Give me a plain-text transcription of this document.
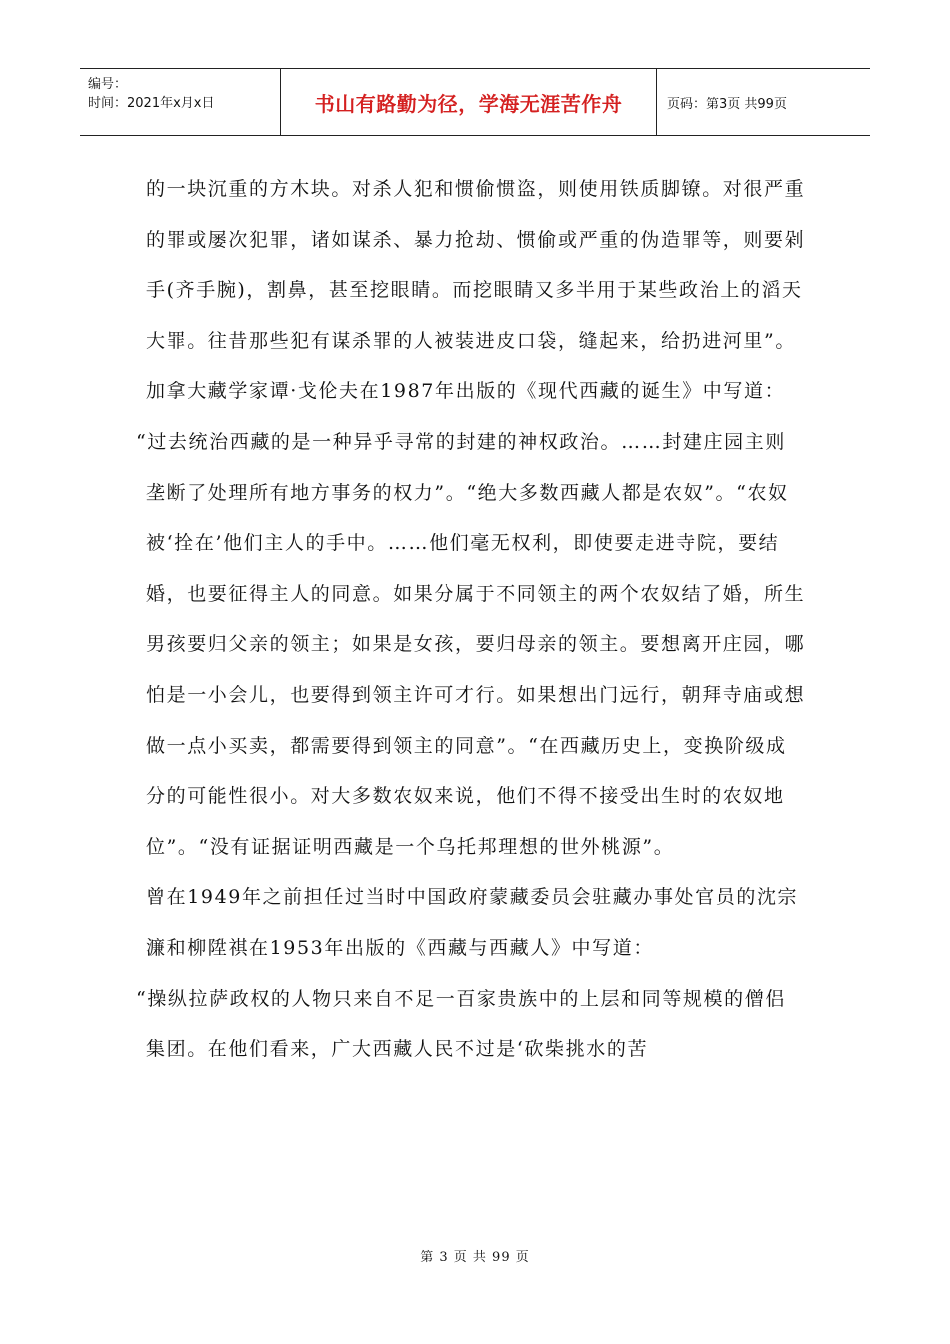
编号：
时间：2021年x月x日	书山有路勤为径，学海无涯苦作舟	页码：第3页 共99页

的一块沉重的方木块。对杀人犯和惯偷惯盗，则使用铁质脚镣。对很严重的罪或屡次犯罪，诸如谋杀、暴力抢劫、惯偷或严重的伪造罪等，则要剁手(齐手腕)，割鼻，甚至挖眼睛。而挖眼睛又多半用于某些政治上的滔天大罪。往昔那些犯有谋杀罪的人被装进皮口袋，缝起来，给扔进河里”。

加拿大藏学家谭·戈伦夫在1987年出版的《现代西藏的诞生》中写道：

“过去统治西藏的是一种异乎寻常的封建的神权政治。……封建庄园主则垄断了处理所有地方事务的权力”。“绝大多数西藏人都是农奴”。“农奴被‘拴在’他们主人的手中。……他们毫无权利，即使要走进寺院，要结婚，也要征得主人的同意。如果分属于不同领主的两个农奴结了婚，所生男孩要归父亲的领主；如果是女孩，要归母亲的领主。要想离开庄园，哪怕是一小会儿，也要得到领主许可才行。如果想出门远行，朝拜寺庙或想做一点小买卖，都需要得到领主的同意”。“在西藏历史上，变换阶级成分的可能性很小。对大多数农奴来说，他们不得不接受出生时的农奴地位”。“没有证据证明西藏是一个乌托邦理想的世外桃源”。

曾在1949年之前担任过当时中国政府蒙藏委员会驻藏办事处官员的沈宗濂和柳陞祺在1953年出版的《西藏与西藏人》中写道：

“操纵拉萨政权的人物只来自不足一百家贵族中的上层和同等规模的僧侣集团。在他们看来，广大西藏人民不过是‘砍柴挑水的苦

第 3 页 共 99 页
